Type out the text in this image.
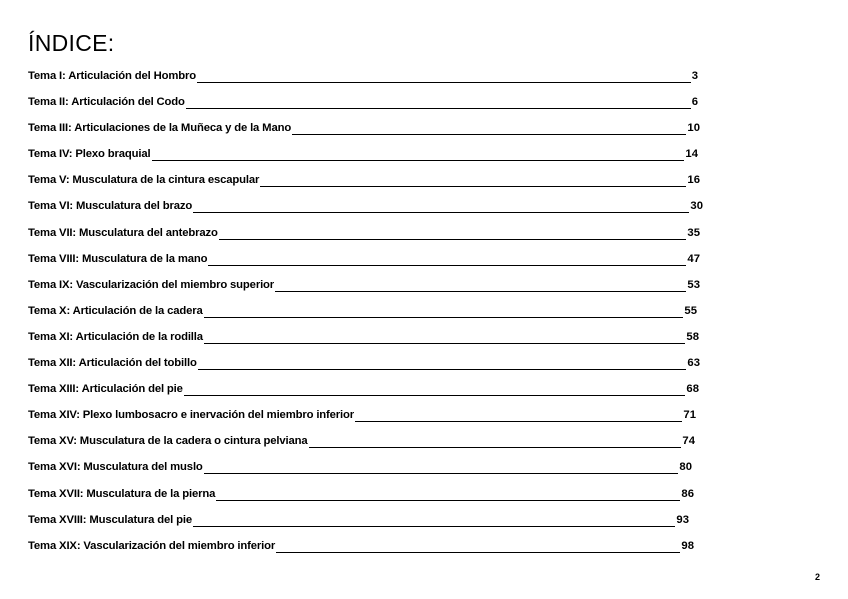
ÍNDICE:
Tema I: Articulación del Hombro	3
Tema II: Articulación del Codo	6
Tema III: Articulaciones de la Muñeca y de la Mano	10
Tema IV: Plexo braquial	14
Tema V: Musculatura de la cintura escapular	16
Tema VI: Musculatura del brazo	30
Tema VII: Musculatura del antebrazo	35
Tema VIII: Musculatura de la mano	47
Tema IX: Vascularización del miembro superior	53
Tema X: Articulación de la cadera	55
Tema XI: Articulación de la rodilla	58
Tema XII: Articulación del tobillo	63
Tema XIII: Articulación del pie	68
Tema XIV: Plexo lumbosacro e inervación del miembro inferior	71
Tema XV: Musculatura de la cadera o cintura pelviana	74
Tema XVI: Musculatura del muslo	80
Tema XVII: Musculatura de la pierna	86
Tema XVIII: Musculatura del pie	93
Tema XIX: Vascularización del miembro inferior	98
2
